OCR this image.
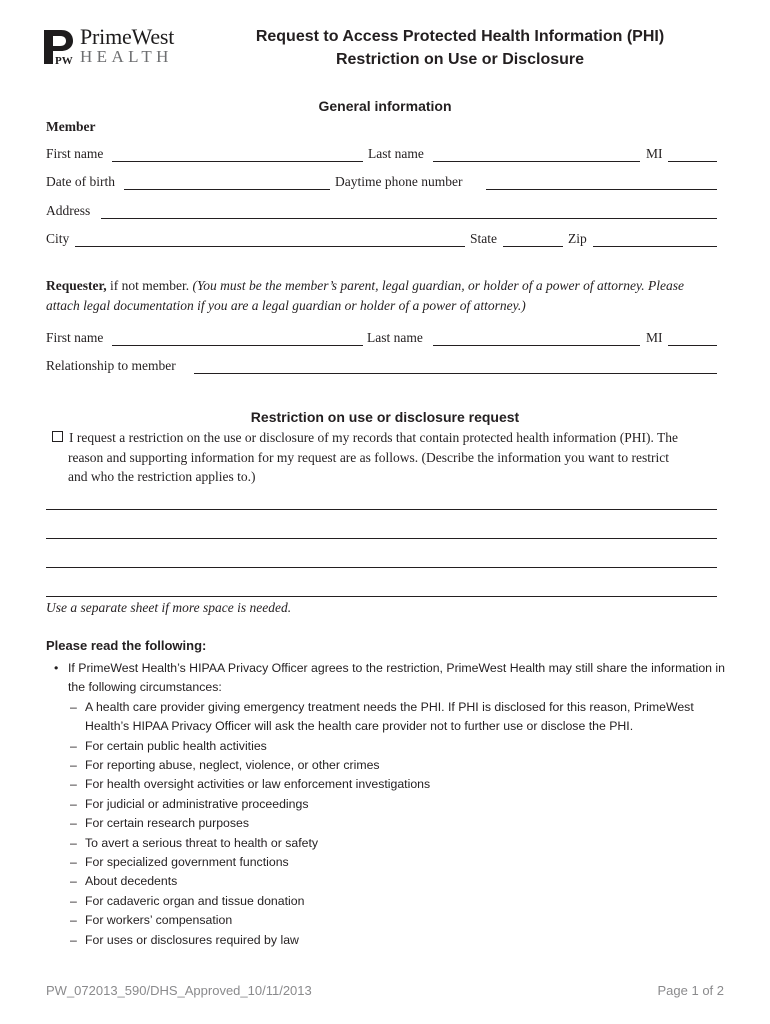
PW
PrimeWest
HEALTH
Request to Access Protected Health Information (PHI)
Restriction on Use or Disclosure
General information
Member
First name	Last name	MI
Date of birth	Daytime phone number
Address
City	State	Zip
Requester, if not member. (You must be the member’s parent, legal guardian, or holder of a power of attorney. Please attach legal documentation if you are a legal guardian or holder of a power of attorney.)
First name	Last name	MI
Relationship to member
Restriction on use or disclosure request
I request a restriction on the use or disclosure of my records that contain protected health information (PHI). The
reason and supporting information for my request are as follows. (Describe the information you want to restrict
and who the restriction applies to.)
Use a separate sheet if more space is needed.
Please read the following:
• If PrimeWest Health’s HIPAA Privacy Officer agrees to the restriction, PrimeWest Health may still share the information in the following circumstances:
– A health care provider giving emergency treatment needs the PHI. If PHI is disclosed for this reason, PrimeWest Health’s HIPAA Privacy Officer will ask the health care provider not to further use or disclose the PHI.
– For certain public health activities
– For reporting abuse, neglect, violence, or other crimes
– For health oversight activities or law enforcement investigations
– For judicial or administrative proceedings
– For certain research purposes
– To avert a serious threat to health or safety
– For specialized government functions
– About decedents
– For cadaveric organ and tissue donation
– For workers’ compensation
– For uses or disclosures required by law
PW_072013_590/DHS_Approved_10/11/2013	Page 1 of 2
